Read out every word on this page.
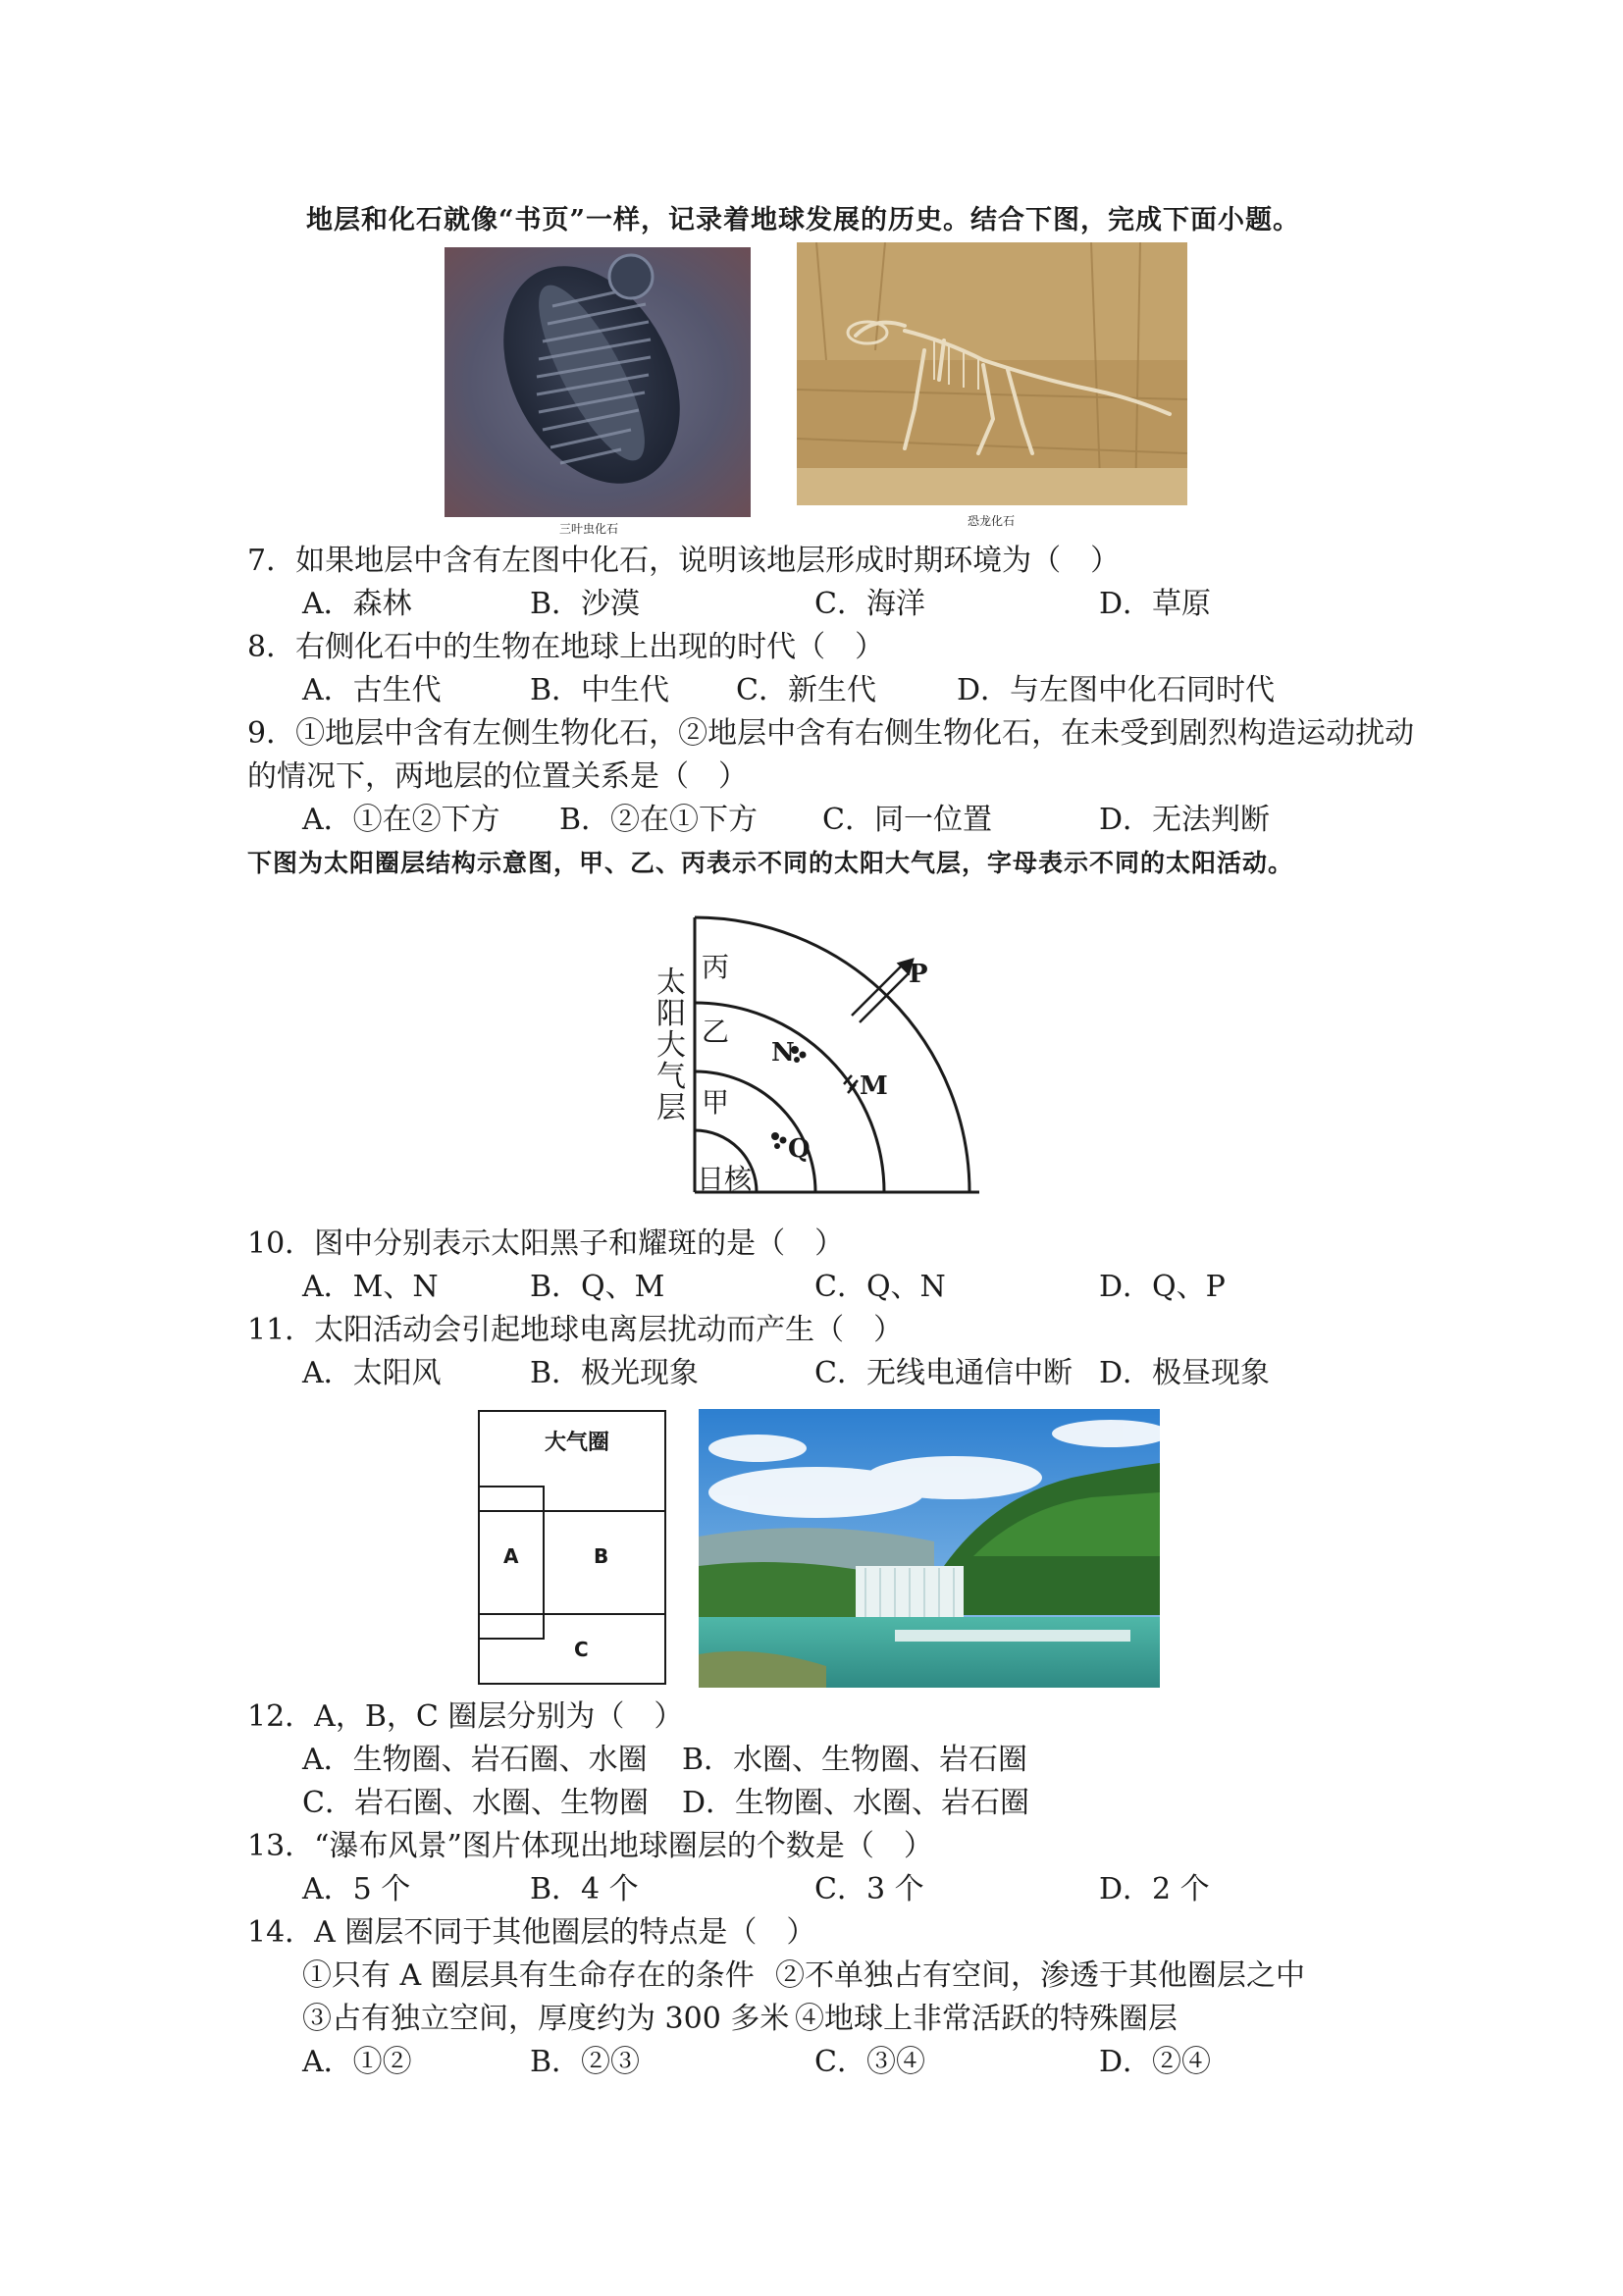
地层和化石就像“书页”一样，记录着地球发展的历史。结合下图，完成下面小题。
三叶虫化石
恐龙化石
7．如果地层中含有左图中化石，说明该地层形成时期环境为（　）
A．森林	B．沙漠	C．海洋	D．草原
8．右侧化石中的生物在地球上出现的时代（　）
A．古生代	B．中生代 C．新生代	D．与左图中化石同时代
9．①地层中含有左侧生物化石，②地层中含有右侧生物化石，在未受到剧烈构造运动扰动
的情况下，两地层的位置关系是（　）
A．①在②下方 B．②在①下方 C．同一位置	D．无法判断
下图为太阳圈层结构示意图，甲、乙、丙表示不同的太阳大气层，字母表示不同的太阳活动。
太
阳
大
气
层
丙
乙
甲
日核
P
N
M
Q
10．图中分别表示太阳黑子和耀斑的是（　）
A．M、N	B．Q、M	C．Q、N	D．Q、P
11．太阳活动会引起地球电离层扰动而产生（　）
A．太阳风	B．极光现象	C．无线电通信中断 D．极昼现象
大气圈
A	B
C
12．A，B，C 圈层分别为（　）
A．生物圈、岩石圈、水圈 B．水圈、生物圈、岩石圈
C．岩石圈、水圈、生物圈 D．生物圈、水圈、岩石圈
13．“瀑布风景”图片体现出地球圈层的个数是（　）
A．5 个	B．4 个	C．3 个	D．2 个
14．A 圈层不同于其他圈层的特点是（　）
①只有 A 圈层具有生命存在的条件 ②不单独占有空间，渗透于其他圈层之中
③占有独立空间，厚度约为 300 多米 ④地球上非常活跃的特殊圈层
A．①②	B．②③	C．③④	D．②④
